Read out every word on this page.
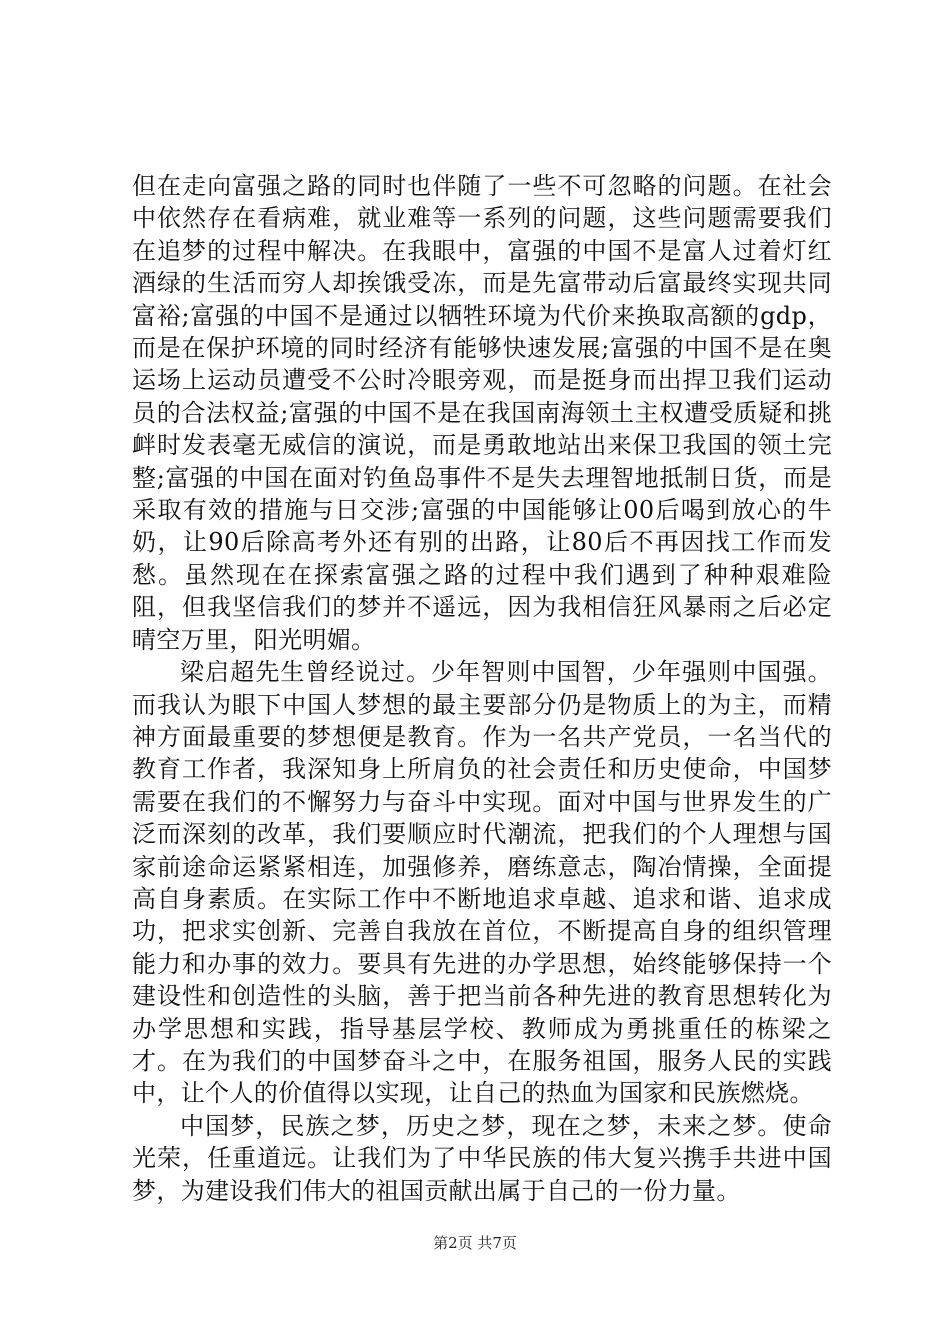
但在走向富强之路的同时也伴随了一些不可忽略的问题。在社会中依然存在看病难，就业难等一系列的问题，这些问题需要我们在追梦的过程中解决。在我眼中，富强的中国不是富人过着灯红酒绿的生活而穷人却挨饿受冻，而是先富带动后富最终实现共同富裕;富强的中国不是通过以牺牲环境为代价来换取高额的gdp，而是在保护环境的同时经济有能够快速发展;富强的中国不是在奥运场上运动员遭受不公时冷眼旁观，而是挺身而出捍卫我们运动员的合法权益;富强的中国不是在我国南海领土主权遭受质疑和挑衅时发表毫无威信的演说，而是勇敢地站出来保卫我国的领土完整;富强的中国在面对钓鱼岛事件不是失去理智地抵制日货，而是采取有效的措施与日交涉;富强的中国能够让00后喝到放心的牛奶，让90后除高考外还有别的出路，让80后不再因找工作而发愁。虽然现在在探索富强之路的过程中我们遇到了种种艰难险阻，但我坚信我们的梦并不遥远，因为我相信狂风暴雨之后必定晴空万里，阳光明媚。

梁启超先生曾经说过。少年智则中国智，少年强则中国强。而我认为眼下中国人梦想的最主要部分仍是物质上的为主，而精神方面最重要的梦想便是教育。作为一名共产党员，一名当代的教育工作者，我深知身上所肩负的社会责任和历史使命，中国梦需要在我们的不懈努力与奋斗中实现。面对中国与世界发生的广泛而深刻的改革，我们要顺应时代潮流，把我们的个人理想与国家前途命运紧紧相连，加强修养，磨练意志，陶冶情操，全面提高自身素质。在实际工作中不断地追求卓越、追求和谐、追求成功，把求实创新、完善自我放在首位，不断提高自身的组织管理能力和办事的效力。要具有先进的办学思想，始终能够保持一个建设性和创造性的头脑，善于把当前各种先进的教育思想转化为办学思想和实践，指导基层学校、教师成为勇挑重任的栋梁之才。在为我们的中国梦奋斗之中，在服务祖国，服务人民的实践中，让个人的价值得以实现，让自己的热血为国家和民族燃烧。

中国梦，民族之梦，历史之梦，现在之梦，未来之梦。使命光荣，任重道远。让我们为了中华民族的伟大复兴携手共进中国梦，为建设我们伟大的祖国贡献出属于自己的一份力量。

第2页 共7页
